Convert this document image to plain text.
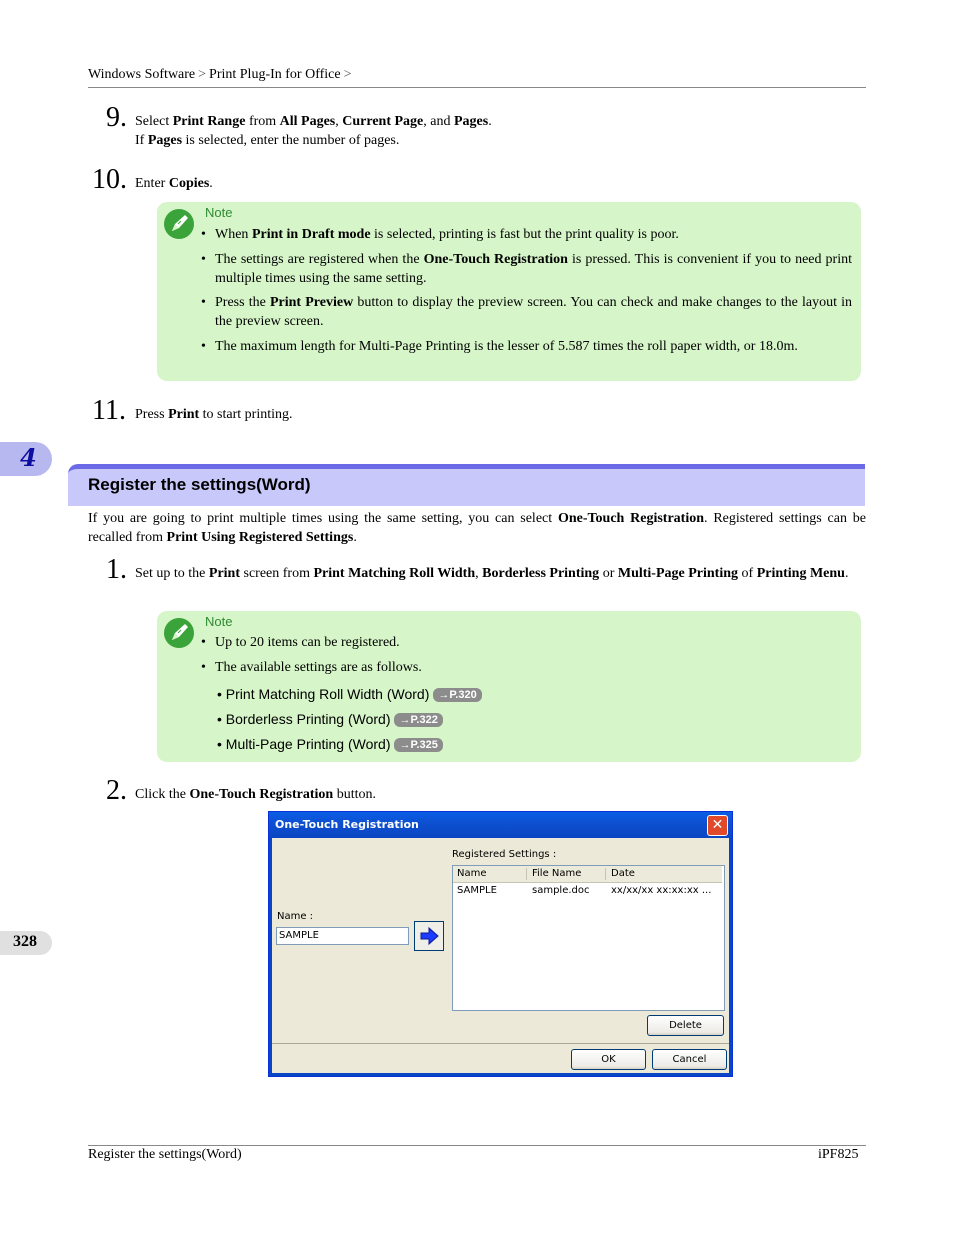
Windows Software > Print Plug-In for Office >
9. Select Print Range from All Pages, Current Page, and Pages.
If Pages is selected, enter the number of pages.
10. Enter Copies.
Note
• When Print in Draft mode is selected, printing is fast but the print quality is poor.
• The settings are registered when the One-Touch Registration is pressed. This is convenient if you to need print multiple times using the same setting.
• Press the Print Preview button to display the preview screen. You can check and make changes to the layout in the preview screen.
• The maximum length for Multi-Page Printing is the lesser of 5.587 times the roll paper width, or 18.0m.
11. Press Print to start printing.
4
Register the settings(Word)
If you are going to print multiple times using the same setting, you can select One-Touch Registration. Registered settings can be recalled from Print Using Registered Settings.
1. Set up to the Print screen from Print Matching Roll Width, Borderless Printing or Multi-Page Printing of Printing Menu.
Note
• Up to 20 items can be registered.
• The available settings are as follows.
• Print Matching Roll Width (Word) →P.320
• Borderless Printing (Word) →P.322
• Multi-Page Printing (Word) →P.325
2. Click the One-Touch Registration button.
328
One-Touch Registration	✕
Registered Settings :
Name	File Name	Date
SAMPLE	sample.doc xx/xx/xx xx:xx:xx ...
Name :
SAMPLE
Delete
OK	Cancel
Register the settings(Word)	iPF825
